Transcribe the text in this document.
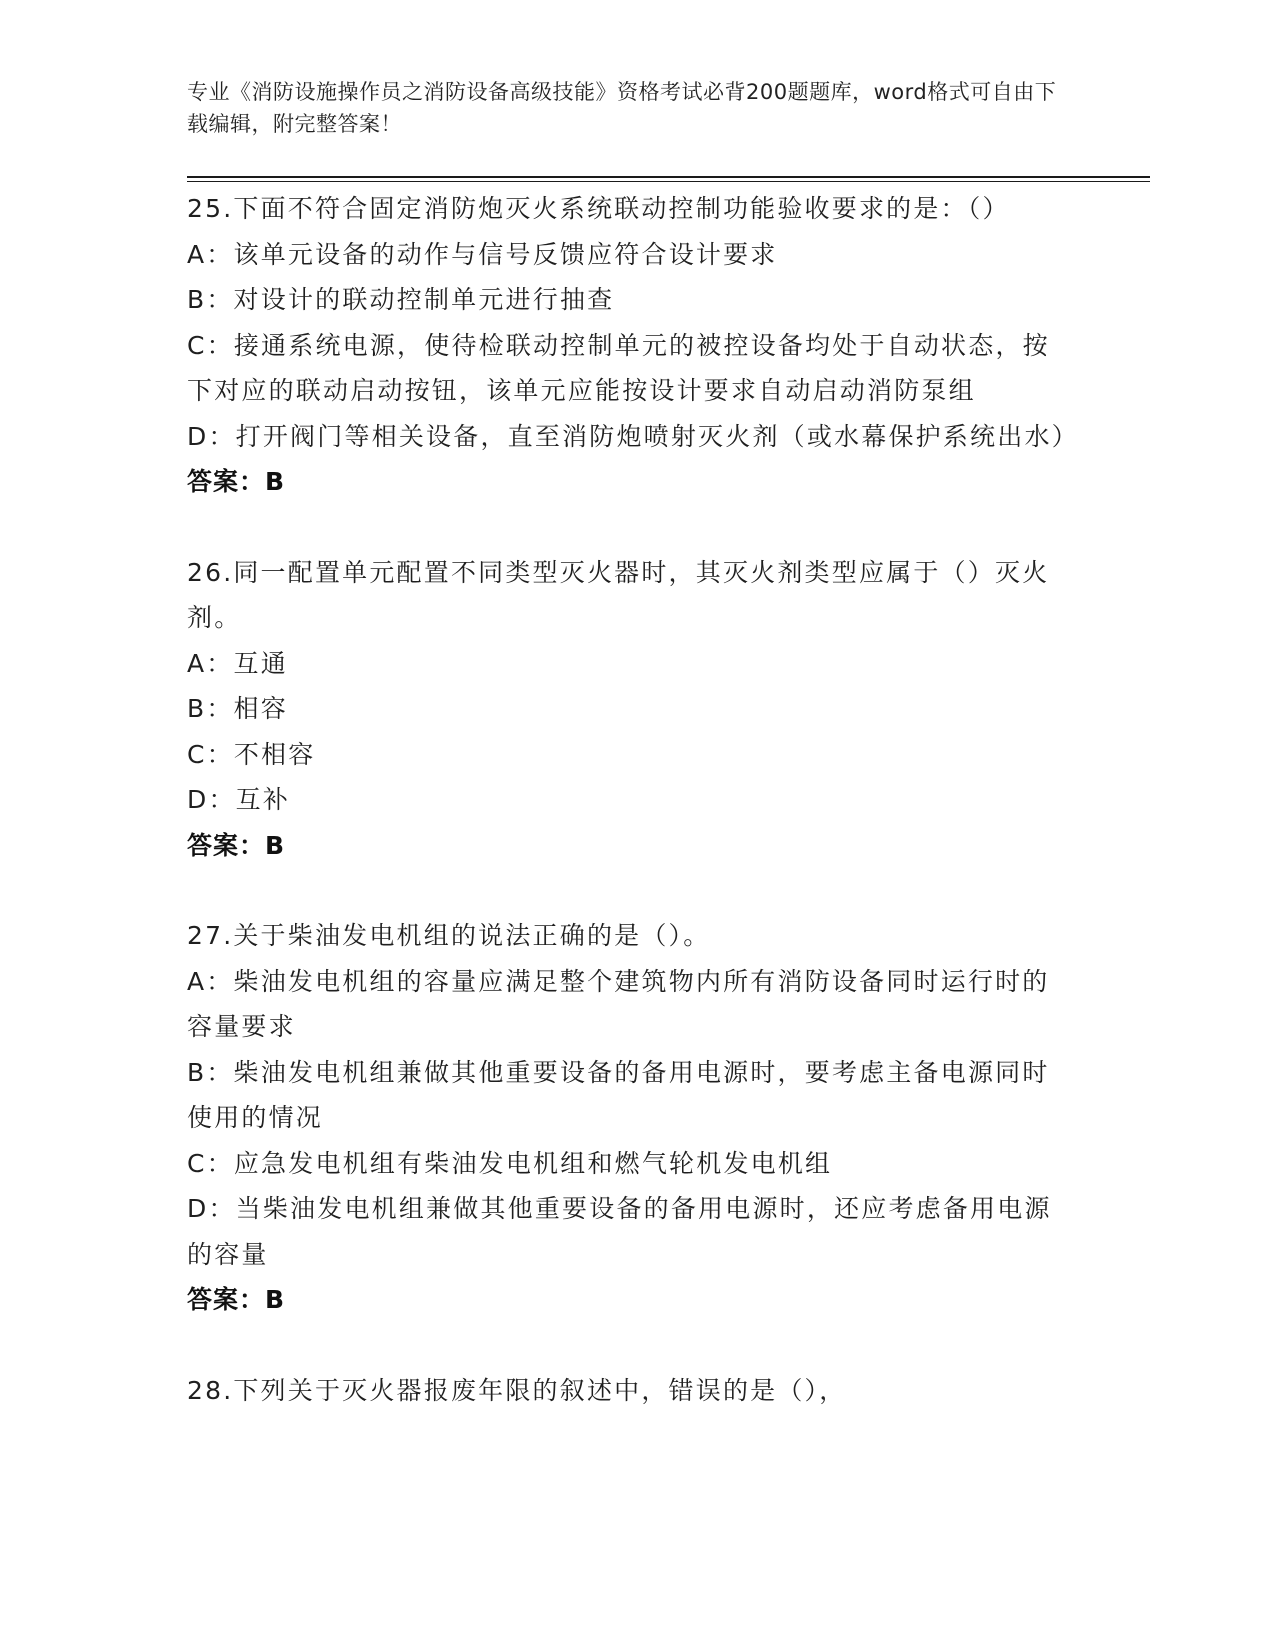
专业《消防设施操作员之消防设备高级技能》资格考试必背200题题库，word格式可自由下载编辑，附完整答案！
25.下面不符合固定消防炮灭火系统联动控制功能验收要求的是：（）
A：该单元设备的动作与信号反馈应符合设计要求
B：对设计的联动控制单元进行抽查
C：接通系统电源，使待检联动控制单元的被控设备均处于自动状态，按下对应的联动启动按钮，该单元应能按设计要求自动启动消防泵组
D：打开阀门等相关设备，直至消防炮喷射灭火剂（或水幕保护系统出水）
答案：B
26.同一配置单元配置不同类型灭火器时，其灭火剂类型应属于（）灭火剂。
A：互通
B：相容
C：不相容
D：互补
答案：B
27.关于柴油发电机组的说法正确的是（）。
A：柴油发电机组的容量应满足整个建筑物内所有消防设备同时运行时的容量要求
B：柴油发电机组兼做其他重要设备的备用电源时，要考虑主备电源同时使用的情况
C：应急发电机组有柴油发电机组和燃气轮机发电机组
D：当柴油发电机组兼做其他重要设备的备用电源时，还应考虑备用电源的容量
答案：B
28.下列关于灭火器报废年限的叙述中，错误的是（），
